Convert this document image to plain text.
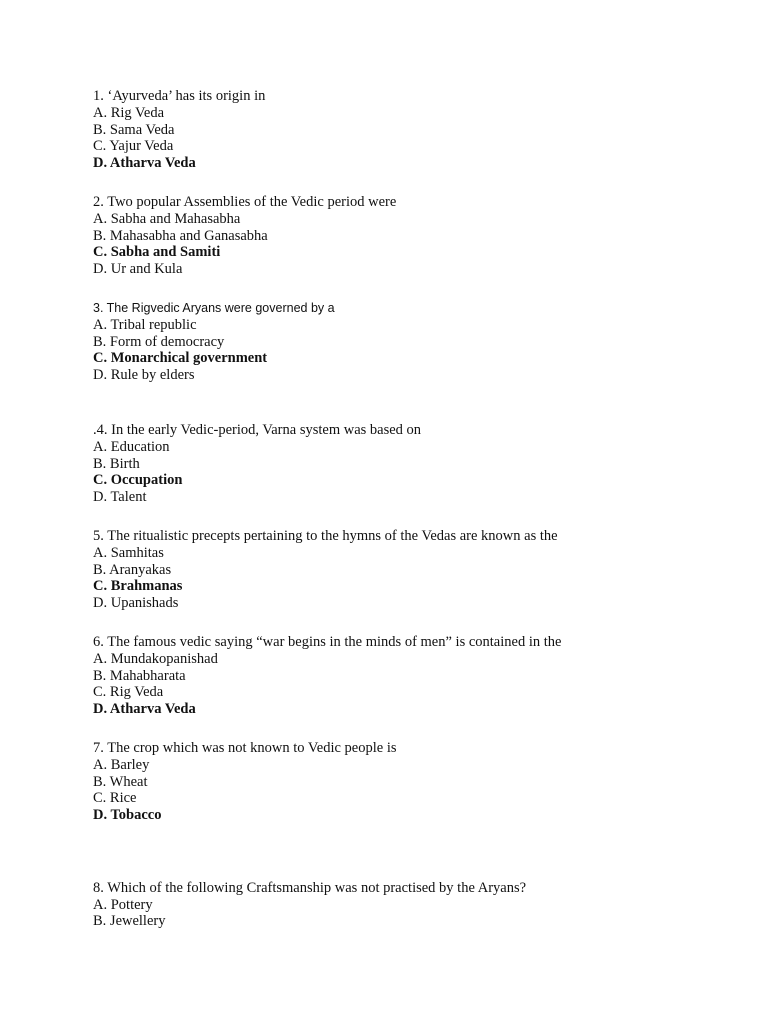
1. ‘Ayurveda’ has its origin in
A. Rig Veda
B. Sama Veda
C. Yajur Veda
D. Atharva Veda
2. Two popular Assemblies of the Vedic period were
A. Sabha and Mahasabha
B. Mahasabha and Ganasabha
C. Sabha and Samiti
D. Ur and Kula
3. The Rigvedic Aryans were governed by a
A. Tribal republic
B. Form of democracy
C. Monarchical government
D. Rule by elders
.4. In the early Vedic-period, Varna system was based on
A. Education
B. Birth
C. Occupation
D. Talent
5. The ritualistic precepts pertaining to the hymns of the Vedas are known as the
A. Samhitas
B. Aranyakas
C. Brahmanas
D. Upanishads
6. The famous vedic saying “war begins in the minds of men” is contained in the
A. Mundakopanishad
B. Mahabharata
C. Rig Veda
D. Atharva Veda
7. The crop which was not known to Vedic people is
A. Barley
B. Wheat
C. Rice
D. Tobacco
8. Which of the following Craftsmanship was not practised by the Aryans?
A. Pottery
B. Jewellery
